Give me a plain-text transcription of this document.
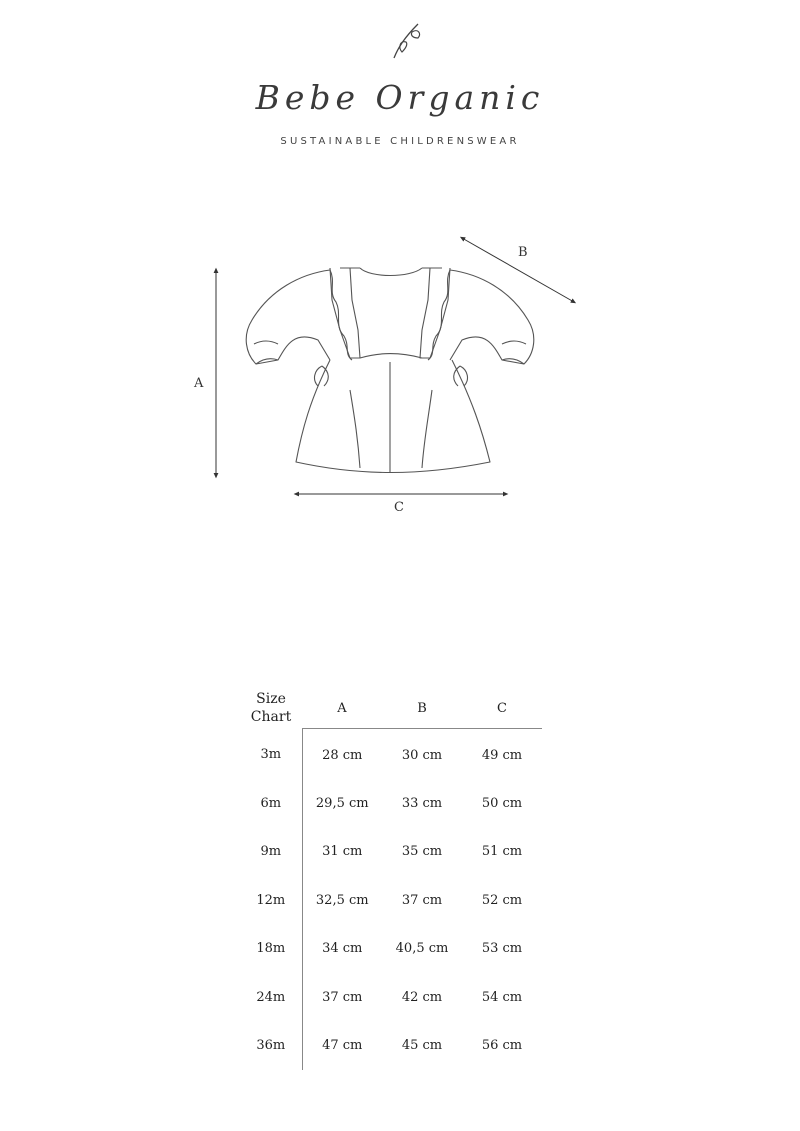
Bebe Organic
SUSTAINABLE CHILDRENSWEAR
A
B
C
Size
Chart	A	B	C
3m	28 cm	30 cm	49 cm
6m	29,5 cm	33 cm	50 cm
9m	31 cm	35 cm	51 cm
12m	32,5 cm	37 cm	52 cm
18m	34 cm	40,5 cm	53 cm
24m	37 cm	42 cm	54 cm
36m	47 cm	45 cm	56 cm
